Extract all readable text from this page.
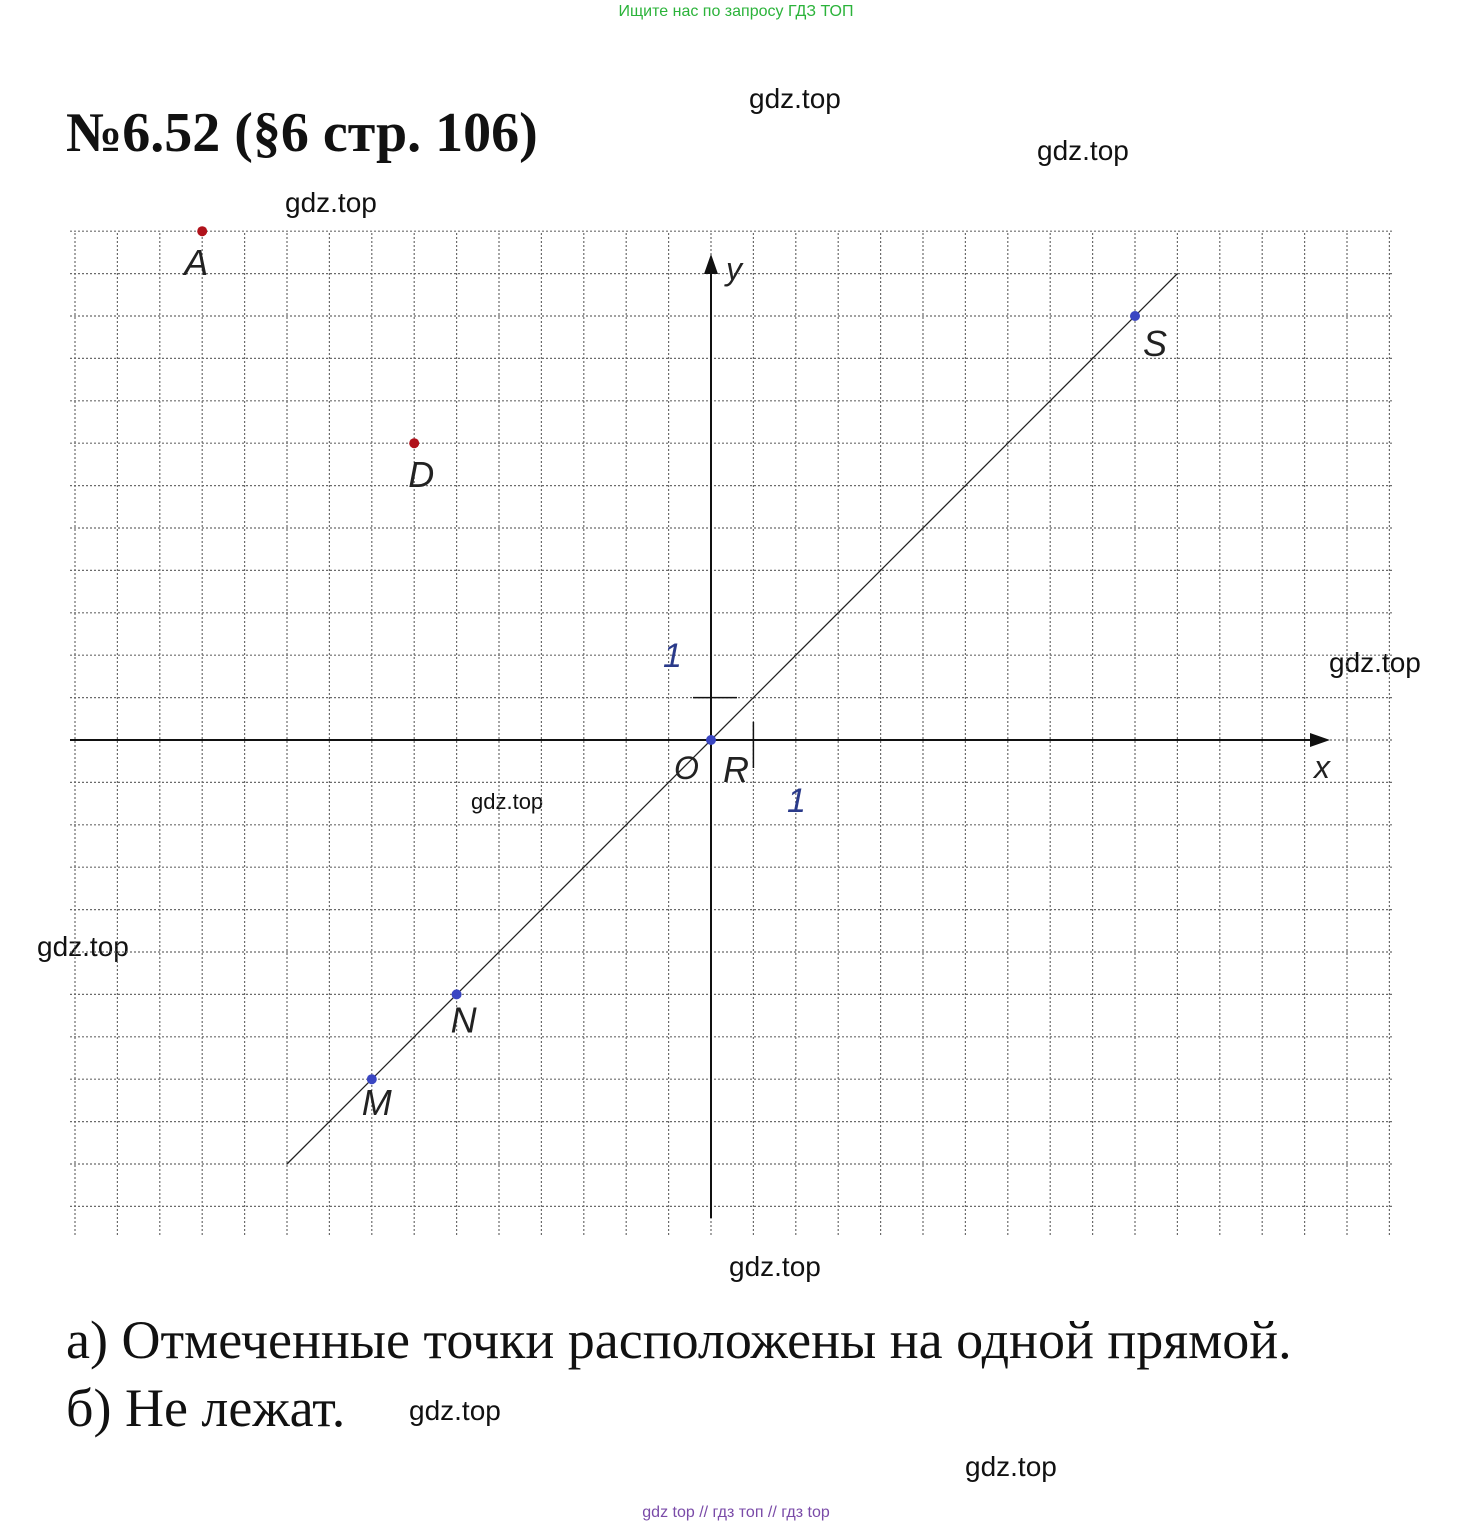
Ищите нас по запросу ГДЗ ТОП
№6.52 (§6 стр. 106)
gdz.top
gdz.top
gdz.top
gdz.top
gdz.top
gdz.top
gdz.top
gdz.top
gdz.top
x
y
O
1
1
A
D
S
R
N
M
а) Отмеченные точки расположены на одной прямой.
б) Не лежат.
gdz top // гдз топ // гдз top
